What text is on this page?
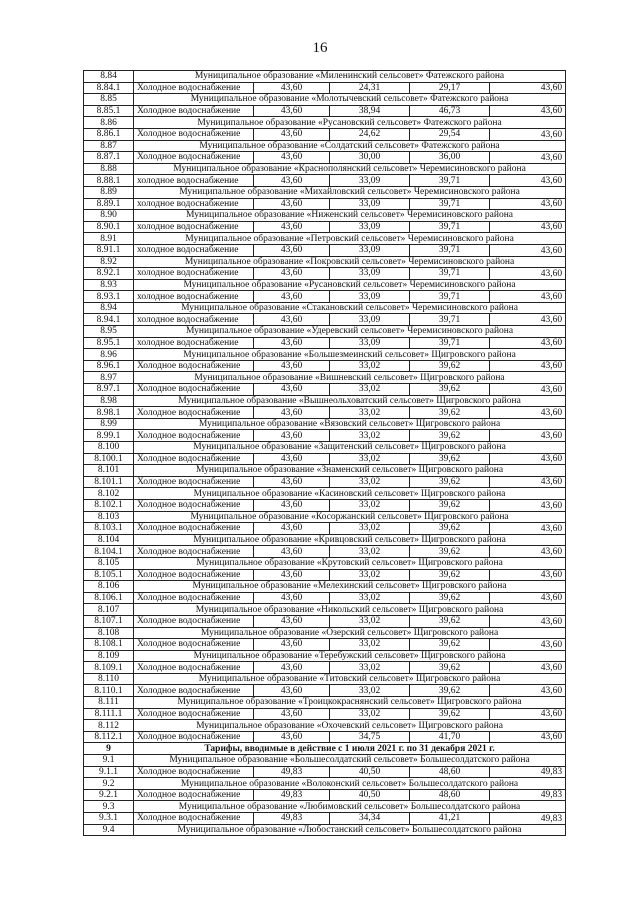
16
8.84	Муниципальное образование «Миленинский сельсовет» Фатежского района				
8.84.1	Холодное водоснабжение	43,60	24,31	29,17	43,60
8.85	Муниципальное образование «Молотычевский сельсовет» Фатежского района				
8.85.1	Холодное водоснабжение	43,60	38,94	46,73	43,60
8.86	Муниципальное образование «Русановский сельсовет» Фатежского района				
8.86.1	Холодное водоснабжение	43,60	24,62	29,54	43,60
8.87	Муниципальное образование «Солдатский сельсовет» Фатежского района				
8.87.1	Холодное водоснабжение	43,60	30,00	36,00	43,60
8.88	Муниципальное образование «Краснополянский сельсовет» Черемисиновского района				
8.88.1	холодное водоснабжение	43,60	33,09	39,71	43,60
8.89	Муниципальное образование «Михайловский сельсовет» Черемисиновского района				
8.89.1	холодное водоснабжение	43,60	33,09	39,71	43,60
8.90	Муниципальное образование «Ниженский сельсовет» Черемисиновского района				
8.90.1	холодное водоснабжение	43,60	33,09	39,71	43,60
8.91	Муниципальное образование «Петровский сельсовет» Черемисиновского района				
8.91.1	холодное водоснабжение	43,60	33,09	39,71	43,60
8.92	Муниципальное образование «Покровский сельсовет» Черемисиновского района				
8.92.1	холодное водоснабжение	43,60	33,09	39,71	43,60
8.93	Муниципальное образование «Русановский сельсовет» Черемисиновского района				
8.93.1	холодное водоснабжение	43,60	33,09	39,71	43,60
8.94	Муниципальное образование «Стакановский сельсовет» Черемисиновского района				
8.94.1	холодное водоснабжение	43,60	33,09	39,71	43,60
8.95	Муниципальное образование «Удеревский сельсовет» Черемисиновского района				
8.95.1	холодное водоснабжение	43,60	33,09	39,71	43,60
8.96	Муниципальное образование «Большезмеинский сельсовет» Щигровского района				
8.96.1	Холодное водоснабжение	43,60	33,02	39,62	43,60
8.97	Муниципальное образование «Вишневский сельсовет» Щигровского района				
8.97.1	Холодное водоснабжение	43,60	33,02	39,62	43,60
8.98	Муниципальное образование «Вышнеольховатский сельсовет» Щигровского района				
8.98.1	Холодное водоснабжение	43,60	33,02	39,62	43,60
8.99	Муниципальное образование «Вязовский сельсовет» Щигровского района				
8.99.1	Холодное водоснабжение	43,60	33,02	39,62	43,60
8.100	Муниципальное образование «Защитенский сельсовет» Щигровского района				
8.100.1	Холодное водоснабжение	43,60	33,02	39,62	43,60
8.101	Муниципальное образование «Знаменский сельсовет» Щигровского района				
8.101.1	Холодное водоснабжение	43,60	33,02	39,62	43,60
8.102	Муниципальное образование «Касиновский сельсовет» Щигровского района				
8.102.1	Холодное водоснабжение	43,60	33,02	39,62	43,60
8.103	Муниципальное образование «Косоржанский сельсовет» Щигровского района				
8.103.1	Холодное водоснабжение	43,60	33,02	39,62	43,60
8.104	Муниципальное образование «Кривцовский сельсовет» Щигровского района				
8.104.1	Холодное водоснабжение	43,60	33,02	39,62	43,60
8.105	Муниципальное образование «Крутовский сельсовет» Щигровского района				
8.105.1	Холодное водоснабжение	43,60	33,02	39,62	43,60
8.106	Муниципальное образование «Мелехинский сельсовет» Щигровского района				
8.106.1	Холодное водоснабжение	43,60	33,02	39,62	43,60
8.107	Муниципальное образование «Никольский сельсовет» Щигровского района				
8.107.1	Холодное водоснабжение	43,60	33,02	39,62	43,60
8.108	Муниципальное образование «Озерский сельсовет» Щигровского района				
8.108.1	Холодное водоснабжение	43,60	33,02	39,62	43,60
8.109	Муниципальное образование «Теребужский сельсовет» Щигровского района				
8.109.1	Холодное водоснабжение	43,60	33,02	39,62	43,60
8.110	Муниципальное образование «Титовский сельсовет» Щигровского района				
8.110.1	Холодное водоснабжение	43,60	33,02	39,62	43,60
8.111	Муниципальное образование «Троицкокраснянский сельсовет» Щигровского района				
8.111.1	Холодное водоснабжение	43,60	33,02	39,62	43,60
8.112	Муниципальное образование «Охочевский сельсовет» Щигровского района				
8.112.1	Холодное водоснабжение	43,60	34,75	41,70	43,60
9	Тарифы, вводимые в действие с 1 июля 2021 г. по 31 декабря 2021 г.				
9.1	Муниципальное образование «Большесолдатский сельсовет» Большесолдатского района				
9.1.1	Холодное водоснабжение	49,83	40,50	48,60	49,83
9.2	Муниципальное образование «Волоконский сельсовет» Большесолдатского района				
9.2.1	Холодное водоснабжение	49,83	40,50	48,60	49,83
9.3	Муниципальное образование «Любимовский сельсовет» Большесолдатского района				
9.3.1	Холодное водоснабжение	49,83	34,34	41,21	49,83
9.4	Муниципальное образование «Любостанский сельсовет» Большесолдатского района				
